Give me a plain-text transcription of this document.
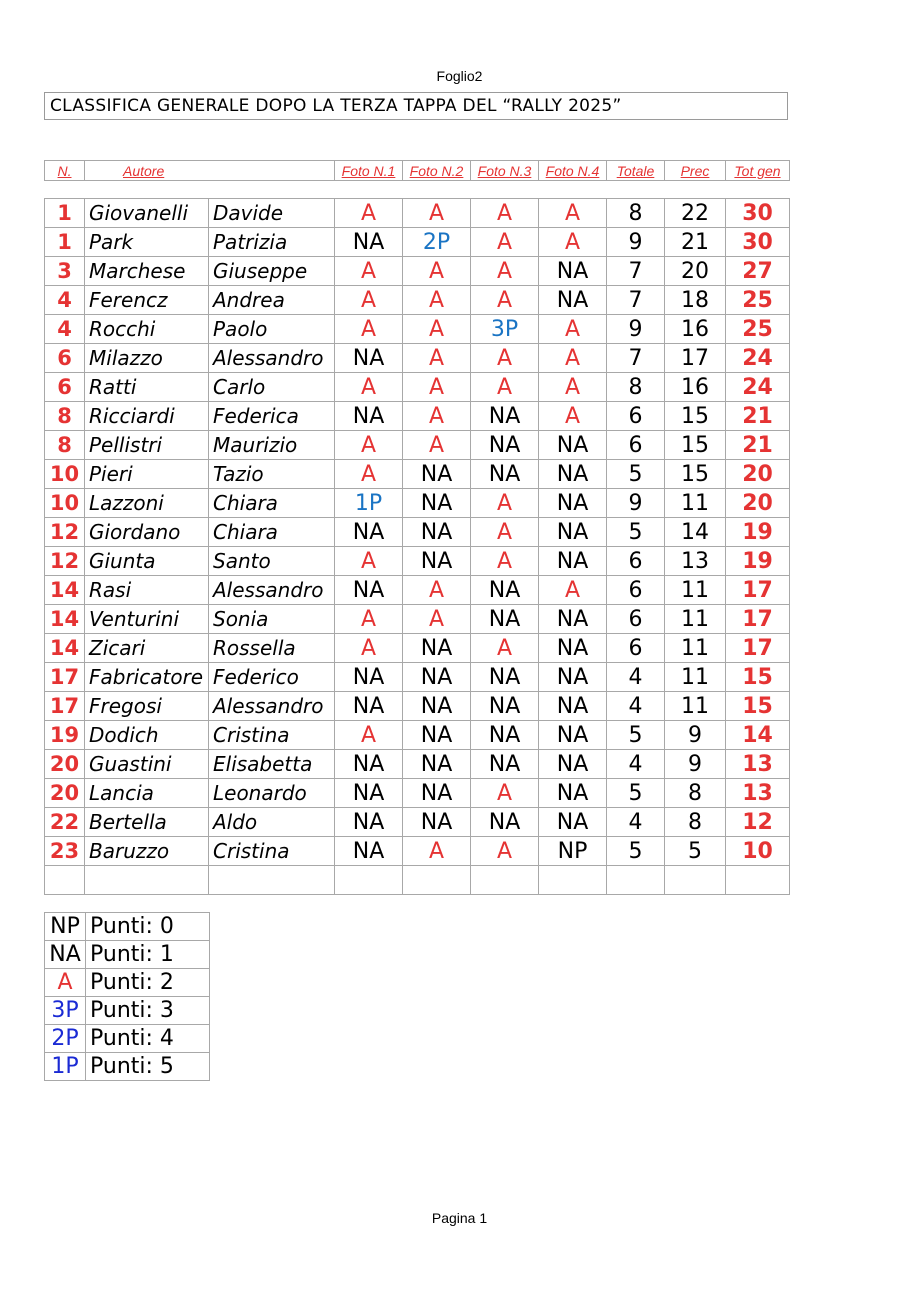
Foglio2
CLASSIFICA GENERALE DOPO LA TERZA TAPPA DEL “RALLY 2025”
N.	Autore	Foto N.1	Foto N.2	Foto N.3	Foto N.4	Totale	Prec	Tot gen
1	Giovanelli	Davide	A	A	A	A	8	22	30
1	Park	Patrizia	NA	2P	A	A	9	21	30
3	Marchese	Giuseppe	A	A	A	NA	7	20	27
4	Ferencz	Andrea	A	A	A	NA	7	18	25
4	Rocchi	Paolo	A	A	3P	A	9	16	25
6	Milazzo	Alessandro	NA	A	A	A	7	17	24
6	Ratti	Carlo	A	A	A	A	8	16	24
8	Ricciardi	Federica	NA	A	NA	A	6	15	21
8	Pellistri	Maurizio	A	A	NA	NA	6	15	21
10	Pieri	Tazio	A	NA	NA	NA	5	15	20
10	Lazzoni	Chiara	1P	NA	A	NA	9	11	20
12	Giordano	Chiara	NA	NA	A	NA	5	14	19
12	Giunta	Santo	A	NA	A	NA	6	13	19
14	Rasi	Alessandro	NA	A	NA	A	6	11	17
14	Venturini	Sonia	A	A	NA	NA	6	11	17
14	Zicari	Rossella	A	NA	A	NA	6	11	17
17	Fabricatore	Federico	NA	NA	NA	NA	4	11	15
17	Fregosi	Alessandro	NA	NA	NA	NA	4	11	15
19	Dodich	Cristina	A	NA	NA	NA	5	9	14
20	Guastini	Elisabetta	NA	NA	NA	NA	4	9	13
20	Lancia	Leonardo	NA	NA	A	NA	5	8	13
22	Bertella	Aldo	NA	NA	NA	NA	4	8	12
23	Baruzzo	Cristina	NA	A	A	NP	5	5	10

NP	Punti: 0
NA	Punti: 1
A	Punti: 2
3P	Punti: 3
2P	Punti: 4
1P	Punti: 5
Pagina 1
